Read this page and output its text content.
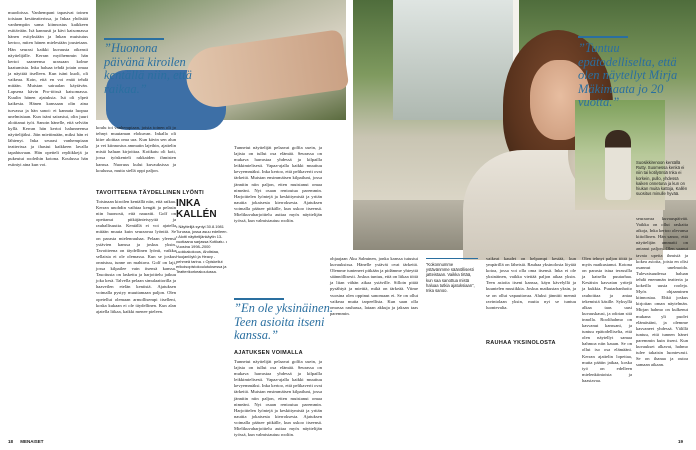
”Huonona päivänä kiroilen kentällä niin, että raikaa.”
”En ole yksinäinen. Teen asioita itseni kanssa.”
”Tuntuu epätodelliselta, että olen näytellyt Mirja Mäkimaata jo 20 vuotta.”

muodoissa. Vanhempani tapasivat toinen toisiaan kesäteatterissa, ja Inkaa yhdistää vanhempiin sama kiinnostus kaikkeen esittävään. Isä kannusti ja kävi katsomassa hänen esityksiään ja Inkan muistutus kertoo, miten hänen mielestään joustetaan. Hän seurasi kaikki kuvausta oikeasti näyttelijälle. Kerran myöhemmin hän kertoi saaneensa urassaan kolme kaatumista. Inka haluaa tehdä jotain omaa ja näyttää itselleen. Kun isäni kuoli, oli vaikeaa. Koin, että en voi enää tehdä mitään. Muistan sairaalan käytävän. Lapsena kävin Pro-töissä katsomassa. Kuulin hänen ajatuksia. Isä oli ylpeä kaikesta. Hänen kanssaan olin aina turvassa ja hän sanoi: ei kannata luopua unelmistaan. Kun isäni sairastui, olin juuri aloittanut työt. Sanoin hänelle, että selviän kyllä. Kerran hän kertoi halunneensa näyttelijäksi. Jäin miettimään, miksi hän ei lähtenyt. Inka seurasi vanhempiaan teatterissa ja ihastui kaikkeen lavalla tapahtuvaan. Hän opetteli repliikkejä ja pukeutui rooleihin kotona. Koulussa hän esiintyi aina kun voi.

koulu toi vanhempiaan, joista toinen oli jo tehnyt muutaman elokuvan. Inkalla oli kiire aloittaa oma ura. Kun kävin sen alun ja vei kiinnostus ammatin lajeihin, ajattelin mistä haluan kirjoittaa. Kotikatu oli koti, jossa työskenteli rakkaiden ihmisten kanssa. Nuoruus kului kuvauksissa ja koulussa, mutta siellä oppi paljon.

TAVOITTEENA TÄYDELLINEN LYÖNTI

Toisinaan kiroilen kentällä niin, että raikaa. Kerran unohdin vaihtaa kengät ja pelasin niin huonosti, että nauratti. Golf on opettanut pitkäjänteisyyttä ja rauhallisuutta. Kentällä ei voi ajatella mitään muuta kuin seuraavaa lyöntiä. Se on parasta mielenrauhaa. Pelaan yleensä ystävien kanssa ja joskus yksin. Tavoitteena on täydellinen lyönti, vaikka sellaista ei ole olemassa. Kun se joskus onnistuu, tunne on mahtava. Golf on laji, jossa kilpailee vain itsensä kanssa. Tasoitusta on laskettu ja harjoittelu jatkuu joka kesä. Talvella pelaan simulaattorilla ja haaveilen etelän kentistä. Ajatuksen voimalla pystyy muuttamaan paljon. Olen opetellut olemaan armollisempi itselleni, koska kukaan ei ole täydellinen. Kun alan ajatella liikaa, kaikki menee pieleen.

INKA
KALLÉN
• Näyttelijä syntyi 30.8.1981 Turussa, jossa asuu edelleen. • Alotti näyttelijänkäytin 13-vuotiaana sarjassa Kotikatu. • Vuosina 1998–2000 Luokkakokous, Ahdistaa, Huojanlöytö ja Heavy - pehmeä tarina. • Opiskellut erikoisopistokoulutuksessa ja Teatterikorkeakoulussa.

Tunnetut näyttelijät pelaavat golfia usein, ja lajista on tullut osa elämää. Seurassa on mukava harrastaa yhdessä ja kilpailla leikkimielisesti. Vapaa-ajalla kaikki muuttuu kevyemmäksi. Inka kertoo, että pelikaverit ovat tärkeitä. Muistan ensimmäisen kilpailuni, jossa jännitin niin paljon, etten muistanut omaa nimeäni. Nyt osaan rentoutua paremmin. Harjoittelen lyöntejä ja keskittymistä ja yritän nauttia jokaisesta kierroksesta. Ajatuksen voimalla pääsee pitkälle, kun uskoo itseensä. Mielikuvaharjoittelu auttaa myös näyttelijän työssä, kun valmistautuu rooliin.

AJATUKSEN VOIMALLA

Tunnetut näyttelijät pelaavat golfia usein, ja lajista on tullut osa elämää. Seurassa on mukava harrastaa yhdessä ja kilpailla leikkimielisesti. Vapaa-ajalla kaikki muuttuu kevyemmäksi. Inka kertoo, että pelikaverit ovat tärkeitä. Muistan ensimmäisen kilpailuni, jossa jännitin niin paljon, etten muistanut omaa nimeäni. Nyt osaan rentoutua paremmin. Harjoittelen lyöntejä ja keskittymistä ja yritän nauttia jokaisesta kierroksesta. Ajatuksen voimalla pääsee pitkälle, kun uskoo itseensä. Mielikuvaharjoittelu auttaa myös näyttelijän työssä, kun valmistautuu rooliin.

ohjaajaan Aku Salminen, jonka kanssa tutustui kuvauksissa. Hänelle ystävät ovat tärkeitä. Olemme tunteneet pitkään ja pidämme yhteyttä säännöllisesti. Joskus tuntuu, että on liikaa töitä ja liian vähän aikaa ystäville. Silloin pitää pysähtyä ja miettiä, mikä on tärkeää. Viime vuosina olen oppinut sanomaan ei. Se on ollut vaikeaa mutta tarpeellista. Kun saan olla omassa rauhassa, lataan akkuja ja jaksan taas paremmin.

”Kokonnumme ystävänmme säänöllisesti jatteistaan. Vaikka tirtää, kun saa sanottua mistä haluaa tutkia ajatuksiaan”, Inka sanoo.

vaikeat kaudet on helpompi kestää, kun ympärillä on läheisiä. Rauhaa yksinolosta löytää kotoa, jossa voi olla oma itsensä. Inka ei ole yksinäinen, vaikka viettää paljon aikaa yksin. Teen asioita itseni kanssa, käyn kävelyllä ja kuuntelen musiikkia. Joskus matkustan yksin, ja se on ollut vapauttavaa. Aluksi jännitti mennä ravintolaan yksin, mutta nyt se tuntuu luontevalta.

RAUHAA YKSINOLOSTA

Olen tehnyt paljon töitä ja myös matkustanut. Kotona on parasta istua terassilla ja katsella puutarhaa. Kesäisin kasvatan yrttejä ja kukkia. Puutarhanhoito rauhoittaa ja antaa tekemistä käsille. Syksyllä alkaa taas uusi kuvauskausi, ja odotan sitä innolla. Roolihahmo on kasvanut kanssani, ja tuntuu epätodelliselta, että olen näytellyt samaa hahmoa niin kauan. Se on ollut iso osa elämääni. Kerran ajattelin lopettaa, mutta päätin jatkaa, koska työ on edelleen mielenkiintoista ja haastavaa.

seuraavaa kuvauspäivää. Vaikka on ollut raskaita aikoja, Inka kertoo olevansa kiitollinen. Hän sanoo, että näyttelijän ammatti on antanut paljon. Olen saanut tavata upeita ihmisiä ja kokea asioita, joista en olisi osannut unelmoida. Tulevaisuudessa haluan tehdä enemmän teatteria ja kokeilla uusia rooleja. Myös ohjaaminen kiinnostaa. Ehkä joskus kirjoitan oman näytelmän. Mirjan hahmo on kulkenut mukana yli puolet elämästäni, ja olemme kasvaneet yhdessä. Välillä tuntuu, että tunnen hänet paremmin kuin itseni. Kun kuvaukset alkavat, hahmo tulee takaisin luontevasti. Se on ihanaa ja outoa samaan aikaan.

Suosikkirenoon kentällä Rutty. Suomessa kenkä ei niin tai kotilyöntiä Inka ei korkein, pullo, yhdessä kaiken onnetuna ja kun on hiukan muita kattoja, Kallén suositus minulle hyvää.
18 MENAISET	19
